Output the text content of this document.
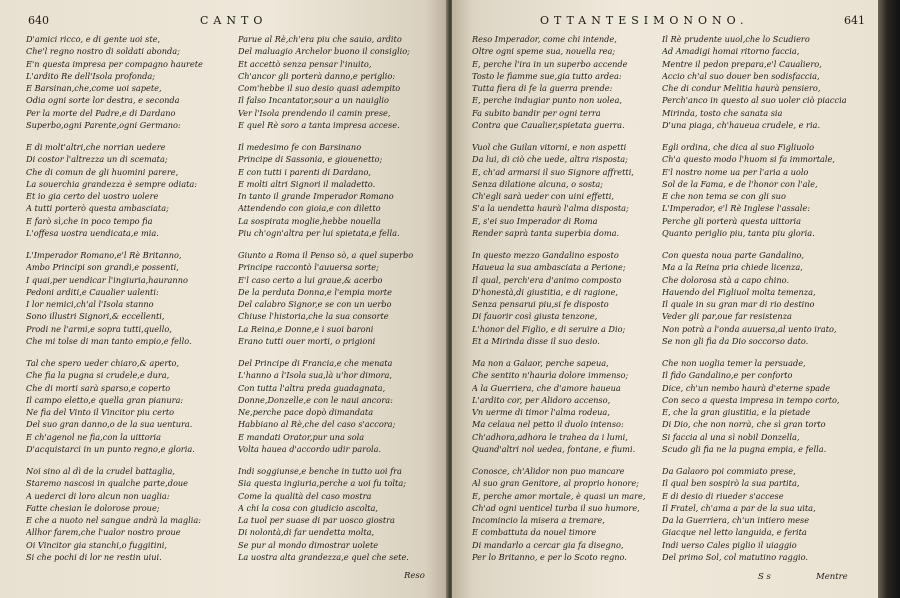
640	CANTO
D'amici ricco, e di gente uoi ste,
Che'l regno nostro di soldati abonda;
E'n questa impresa per compagno haurete
L'ardito Re dell'Isola profonda;
E Barsinan,che,come uoi sapete,
Odia ogni sorte lor destra, e seconda
Per la morte del Padre,e di Dardano
Superbo,ogni Parente,ogni Germano:
E di molt'altri,che norrian uedere
Di costor l'altrezza un di scemata;
Che di comun de gli huomini parere,
La souerchia grandezza è sempre odiata:
Et io gia certo del uostro uolere
A tutti porterò questa ambasciata;
E farò sì,che in poco tempo fia
L'offesa uostra uendicata,e mia.
L'Imperador Romano,e'l Rè Britanno,
Ambo Principi son grandi,e possenti,
I quai,per uendicar l'ingiuria,hauranno
Pedoni arditi,e Caualier ualenti:
I lor nemici,ch'al l'Isola stanno
Sono illustri Signori,& eccellenti,
Prodi ne l'armi,e sopra tutti,quello,
Che mi tolse di man tanto empio,e fello.
Tal che spero ueder chiaro,& aperto,
Che fia la pugna si crudele,e dura,
Che di morti sarà sparso,e coperto
Il campo eletto,e quella gran pianura:
Ne fia del Vinto il Vincitor piu certo
Del suo gran danno,o de la sua uentura.
E ch'agenol ne fia,con la uittoria
D'acquistarci in un punto regno,e gloria.
Noi sino al dì de la crudel battaglia,
Staremo nascosi in qualche parte,doue
A uederci di loro alcun non uaglia:
Fatte chesian le dolorose proue;
E che a nuoto nel sangue andrà la maglia:
Allhor farem,che l'ualor nostro proue
Oi Vincitor gia stanchi,o fuggitini,
Si che pochi di lor ne restin uiui.
Parue al Rè,ch'era piu che sauio, ardito
Del maluagio Archelor buono il consiglio;
Et accettò senza pensar l'inuito,
Ch'ancor gli porterà danno,e periglio:
Com'hebbe il suo desio quasi adempito
Il falso Incantator,sour a un nauiglio
Ver l'Isola prendendo il camin prese,
E quel Rè soro a tanta impresa accese.
Il medesimo fe con Barsinano
Principe di Sassonia, e giouenetto;
E con tutti i parenti di Dardano,
E molti altri Signori il maladetto.
In tanto il grande Imperador Romano
Attendendo con gioia,e con diletto
La sospirata moglie,hebbe nouella
Piu ch'ogn'altra per lui spietata,e fella.
Giunto a Roma il Penso sò, a quel superbo
Principe raccontò l'auuersa sorte;
E'l caso certo a lui graue,& acerbo
De la perduta Donna,e l'empia morte
Del calabro Signor,e se con un uerbo
Chiuse l'historia,che la sua consorte
La Reina,e Donne,e i suoi baroni
Erano tutti ouer morti, o prigioni
Del Principe di Francia,e che menata
L'hanno a l'Isola sua,là u'hor dimora,
Con tutta l'altra preda guadagnata,
Donne,Donzelle,e con le naui ancora:
Ne,perche pace dopò dimandata
Habbiano al Rè,che del caso s'accora;
E mandati Orator,pur una sola
Volta hauea d'accordo udir parola.
Indi soggiunse,e benche in tutto uoi fra
Sia questa ingiuria,perche a uoi fu tolta;
Come la qualità del caso mostra
A chi la cosa con giudicio ascolta,
La tuol per suase di par uosco giostra
Di nolontà,di far uendetta molta,
Se pur al mondo dimostrar uolete
La uostra alta grandezza,e quel che sete.
Reso
OTTANTESIMONONO.	641
Reso Imperador, come chi intende,
Oltre ogni speme sua, nouella rea;
E, perche l'ira in un superbo accende
Tosto le fiamme sue,gia tutto ardea:
Tutta fiera di fe la guerra prende:
E, perche indugiar punto non uolea,
Fa subito bandir per ogni terra
Contra que Caualier,spietata guerra.
Vuol che Guilan vitorni, e non aspetti
Da lui, di ciò che uede, altra risposta;
E, ch'ad armarsi il suo Signore affretti,
Senza dilatione alcuna, o sosta;
Ch'egli sarà ueder con uini effetti,
S'a la uendetta haurà l'alma disposta;
E, s'ei suo Imperador di Roma
Render saprà tanta superbia doma.
In questo mezzo Gandalino esposto
Haueua la sua ambasciata a Perione;
Il qual, perch'era d'animo composto
D'honestà,di giustitia, e di ragione,
Senza pensarui piu,si fe disposto
Di fauorir così giusta tenzone,
L'honor del Figlio, e di seruire a Dio;
Et a Mirinda disse il suo desio.
Ma non a Galaor, perche sapeua,
Che sentito n'haurìa dolore immenso;
A la Guerriera, che d'amore haueua
L'ardito cor, per Alidoro accenso,
Vn uerme di timor l'alma rodeua,
Ma celaua nel petto il duolo intenso:
Ch'adhora,adhora le trahea da i lumi,
Quand'altri nol uedea, fontane, e fiumi.
Conosce, ch'Alidor non puo mancare
Al suo gran Genitore, al proprio honore;
E, perche amor mortale, è quasi un mare,
Ch'ad ogni uenticel turba il suo humore,
Incomincio la misera a tremare,
E combattuta da nouel timore
Di mandarlo a cercar gia fa disegno,
Per lo Britanno, e per lo Scoto regno.
Il Rè prudente uuol,che lo Scudiero
Ad Amadigi homai ritorno faccia,
Mentre il pedon prepara,e'l Caualiero,
Accio ch'al suo douer ben sodisfaccia,
Che di condur Melitia haurà pensiero,
Perch'anco in questo al suo uoler ciò piaccia
Mirinda, tosto che sanata sia
D'una piaga, ch'haueua crudele, e ria.
Egli ordina, che dica al suo Figliuolo
Ch'a questo modo l'huom si fa immortale,
E'l nostro nome ua per l'aria a uolo
Sol de la Fama, e de l'honor con l'ale,
E che non tema se con gli suo
L'Imperador, e'l Rè Inglese l'assale:
Perche gli porterà questa uittoria
Quanto periglio piu, tanta piu gloria.
Con questa noua parte Gandalino,
Ma a la Reina pria chiede licenza,
Che dolorosa stà a capo chino.
Hauendo del Figliuol molta temenza,
Il quale in su gran mar di rio destino
Veder gli par,oue far resistenza
Non potrà a l'onda auuersa,al uento irato,
Se non gli fia da Dio soccorso dato.
Che non uoglia temer la persuade,
Il fido Gandalino,e per conforto
Dice, ch'un nembo haurà d'eterne spade
Con seco a questa impresa in tempo corto,
E, che la gran giustitia, e la pietade
Di Dio, che non norrà, che sì gran torto
Si faccia al una sì nobil Donzella,
Scudo gli fia ne la pugna empia, e fella.
Da Galaoro poi commiato prese,
Il qual ben sospirò la sua partita,
E di desio di riueder s'accese
Il Fratel, ch'ama a par de la sua uita,
Da la Guerriera, ch'un intiero mese
Giacque nel letto languida, e ferita
Indi uerso Cales piglio il uiaggio
Del primo Sol, col matutino raggio.
S s	Mentre
